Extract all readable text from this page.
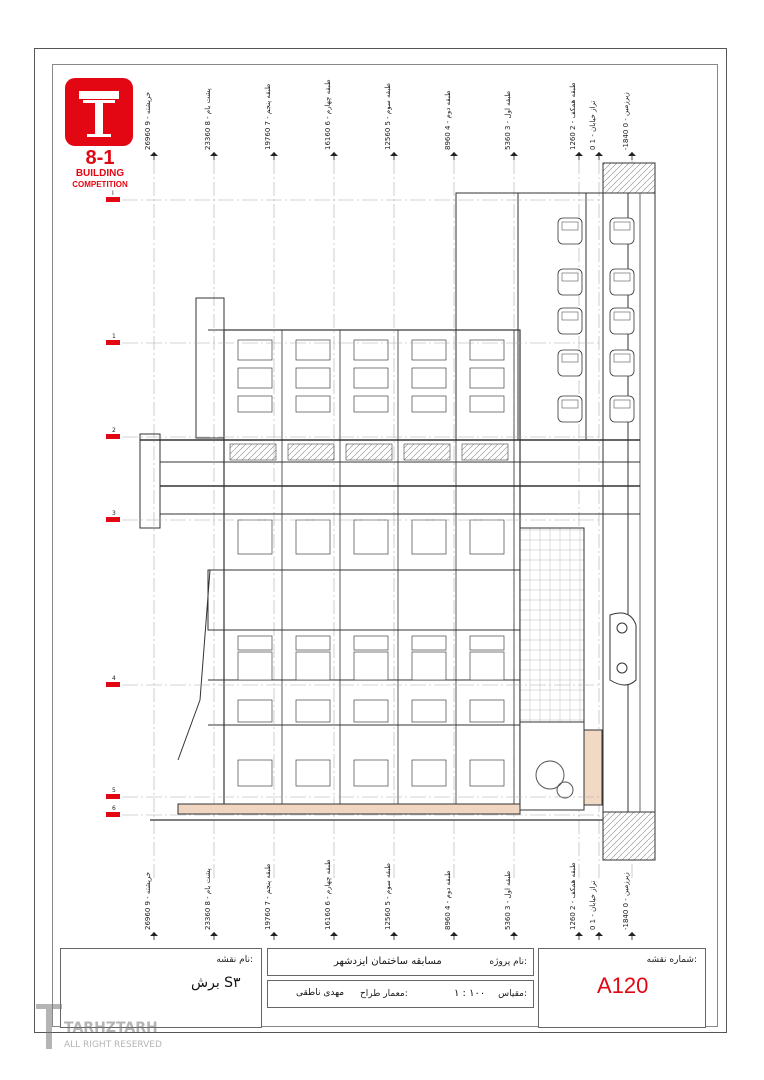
8-1
BUILDING
COMPETITION
26960 9 - خرپشته
26960 9 - خرپشته
23360 8 - پشت بام
23360 8 - پشت بام
19760 7 - طبقه پنجم
19760 7 - طبقه پنجم
16160 6 - طبقه چهارم
16160 6 - طبقه چهارم
12560 5 - طبقه سوم
12560 5 - طبقه سوم
8960 4 - طبقه دوم
8960 4 - طبقه دوم
5360 3 - طبقه اول
5360 3 - طبقه اول
1260 2 - طبقه همکف
1260 2 - طبقه همکف
0 1 - تراز خیابان
0 1 - تراز خیابان
-1840 0 - زیرزمین
-1840 0 - زیرزمین
I
1
2
3
4
5
6
نام نقشه:
برش S۳
نام پروژه:
مسابقه ساختمان ایزدشهر
مقیاس:
۱ : ۱۰۰
معمار طراح:
مهدی ناطقی
شماره نقشه:
A120
TARHZTARH
ALL RIGHT RESERVED
